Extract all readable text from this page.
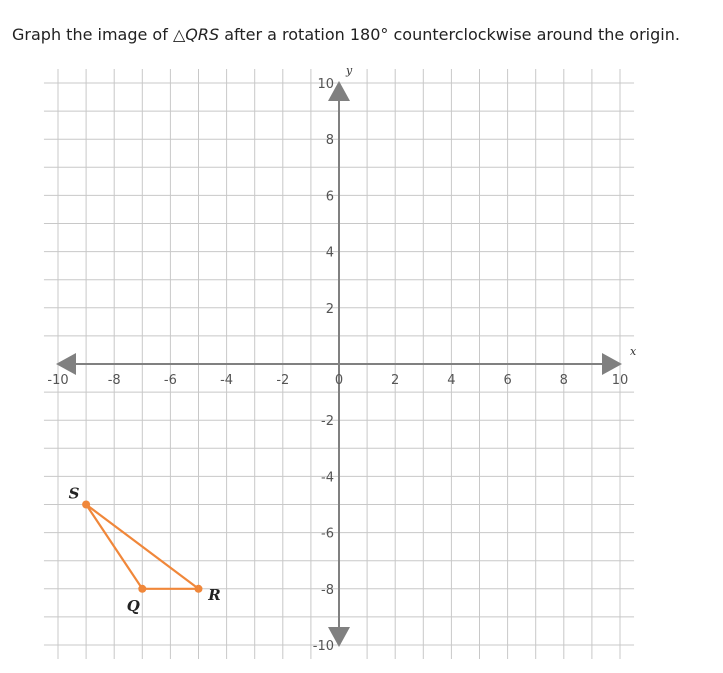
Graph the image of △QRS after a rotation 180° counterclockwise around the origin.
x
y
-10	-8	-6	-4	-2	0	2	4	6	8	10
10
8
6
4
2
-2
-4
-6
-8
-10
Q
R
S
